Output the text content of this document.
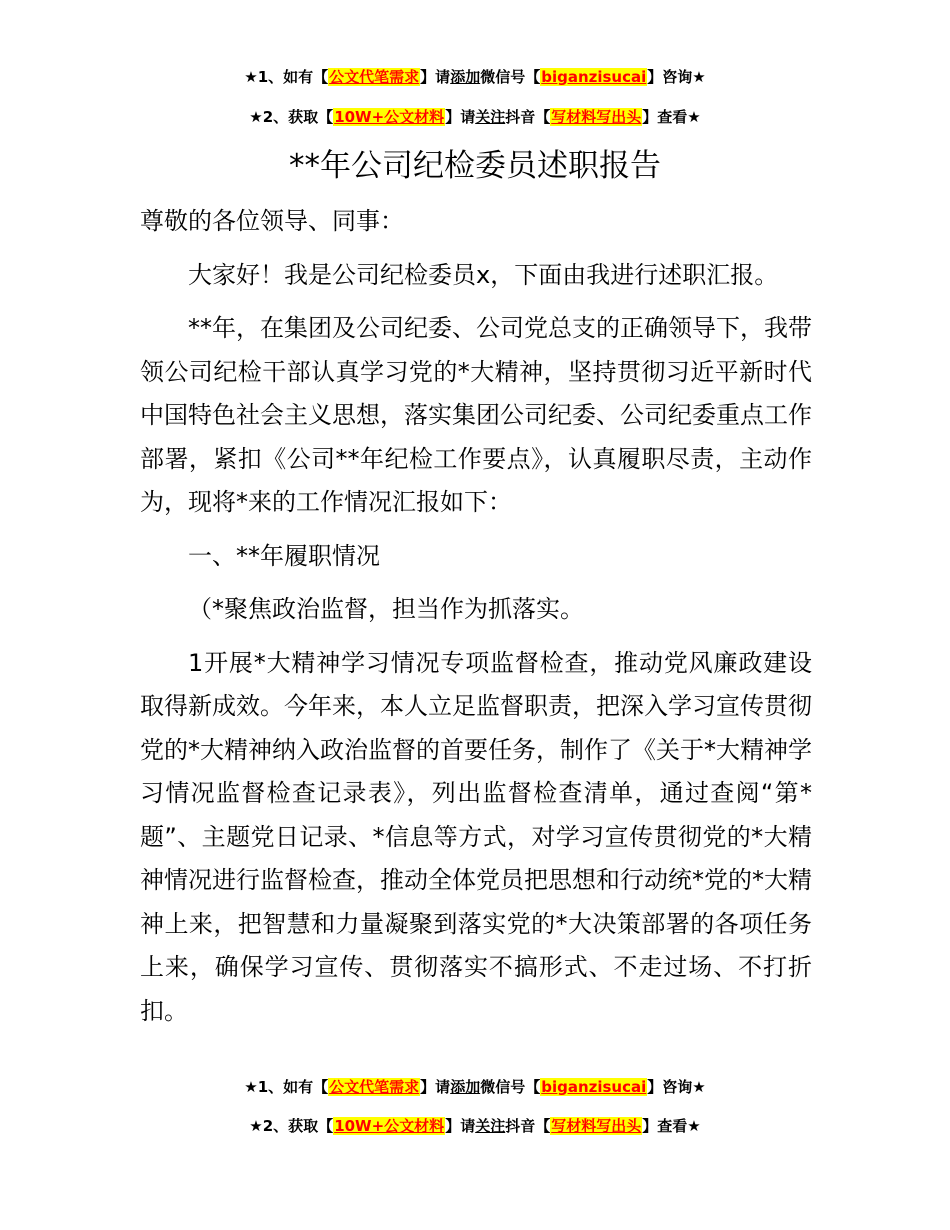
★1、如有【公文代笔需求】请添加微信号【biganzisucai】咨询★
★2、获取【10W+公文材料】请关注抖音【写材料写出头】查看★
**年公司纪检委员述职报告

尊敬的各位领导、同事：

大家好！我是公司纪检委员x，下面由我进行述职汇报。

**年，在集团及公司纪委、公司党总支的正确领导下，我带领公司纪检干部认真学习党的*大精神，坚持贯彻习近平新时代中国特色社会主义思想，落实集团公司纪委、公司纪委重点工作部署，紧扣《公司**年纪检工作要点》，认真履职尽责，主动作为，现将*来的工作情况汇报如下：

一、**年履职情况

（*聚焦政治监督，担当作为抓落实。

1开展*大精神学习情况专项监督检查，推动党风廉政建设取得新成效。今年来，本人立足监督职责，把深入学习宣传贯彻党的*大精神纳入政治监督的首要任务，制作了《关于*大精神学习情况监督检查记录表》，列出监督检查清单，通过查阅“第*题”、主题党日记录、*信息等方式，对学习宣传贯彻党的*大精神情况进行监督检查，推动全体党员把思想和行动统*党的*大精神上来，把智慧和力量凝聚到落实党的*大决策部署的各项任务上来，确保学习宣传、贯彻落实不搞形式、不走过场、不打折扣。

★1、如有【公文代笔需求】请添加微信号【biganzisucai】咨询★
★2、获取【10W+公文材料】请关注抖音【写材料写出头】查看★
